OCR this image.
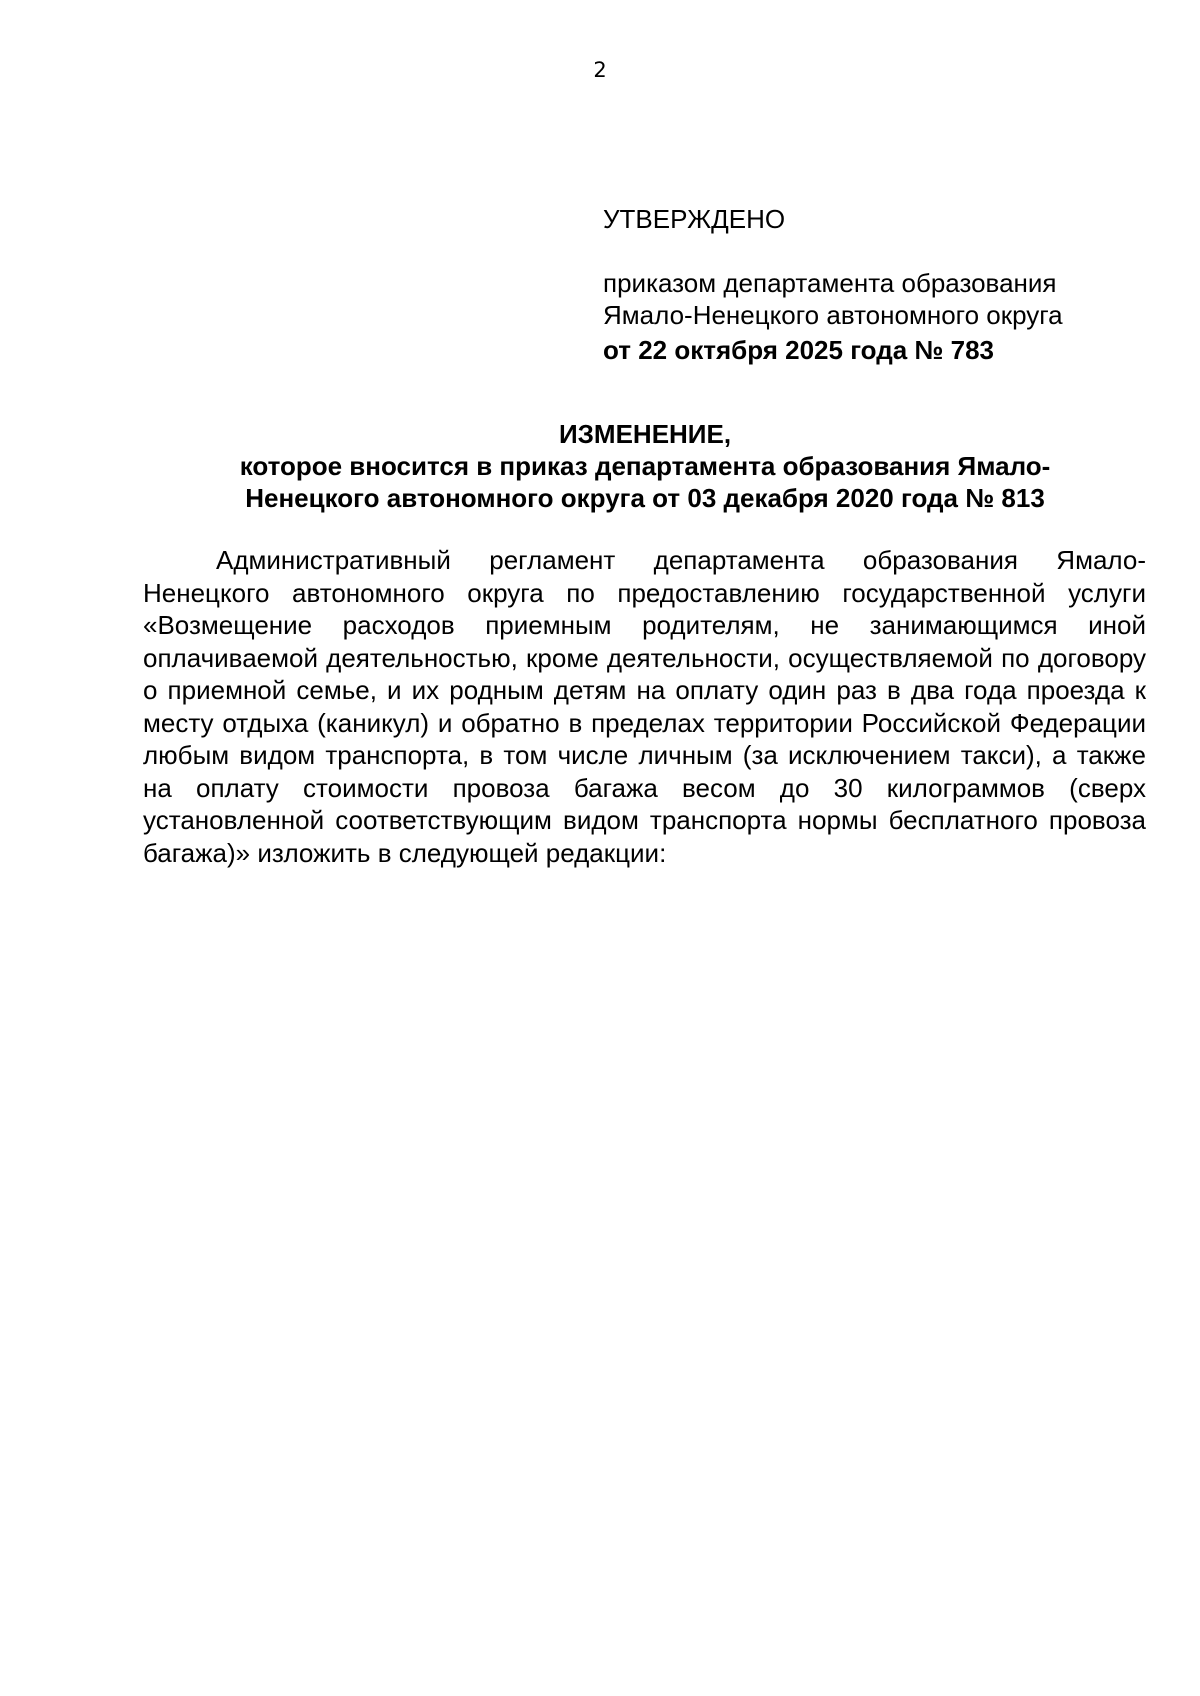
2
УТВЕРЖДЕНО
приказом департамента образования
Ямало-Ненецкого автономного округа
от 22 октября 2025 года № 783
ИЗМЕНЕНИЕ,
которое вносится в приказ департамента образования Ямало-
Ненецкого автономного округа от 03 декабря 2020 года № 813

Административный регламент департамента образования Ямало-Ненецкого автономного округа по предоставлению государственной услуги «Возмещение расходов приемным родителям, не занимающимся иной оплачиваемой деятельностью, кроме деятельности, осуществляемой по договору о приемной семье, и их родным детям на оплату один раз в два года проезда к месту отдыха (каникул) и обратно в пределах территории Российской Федерации любым видом транспорта, в том числе личным (за исключением такси), а также на оплату стоимости провоза багажа весом до 30 килограммов (сверх установленной соответствующим видом транспорта нормы бесплатного провоза багажа)» изложить в следующей редакции:
